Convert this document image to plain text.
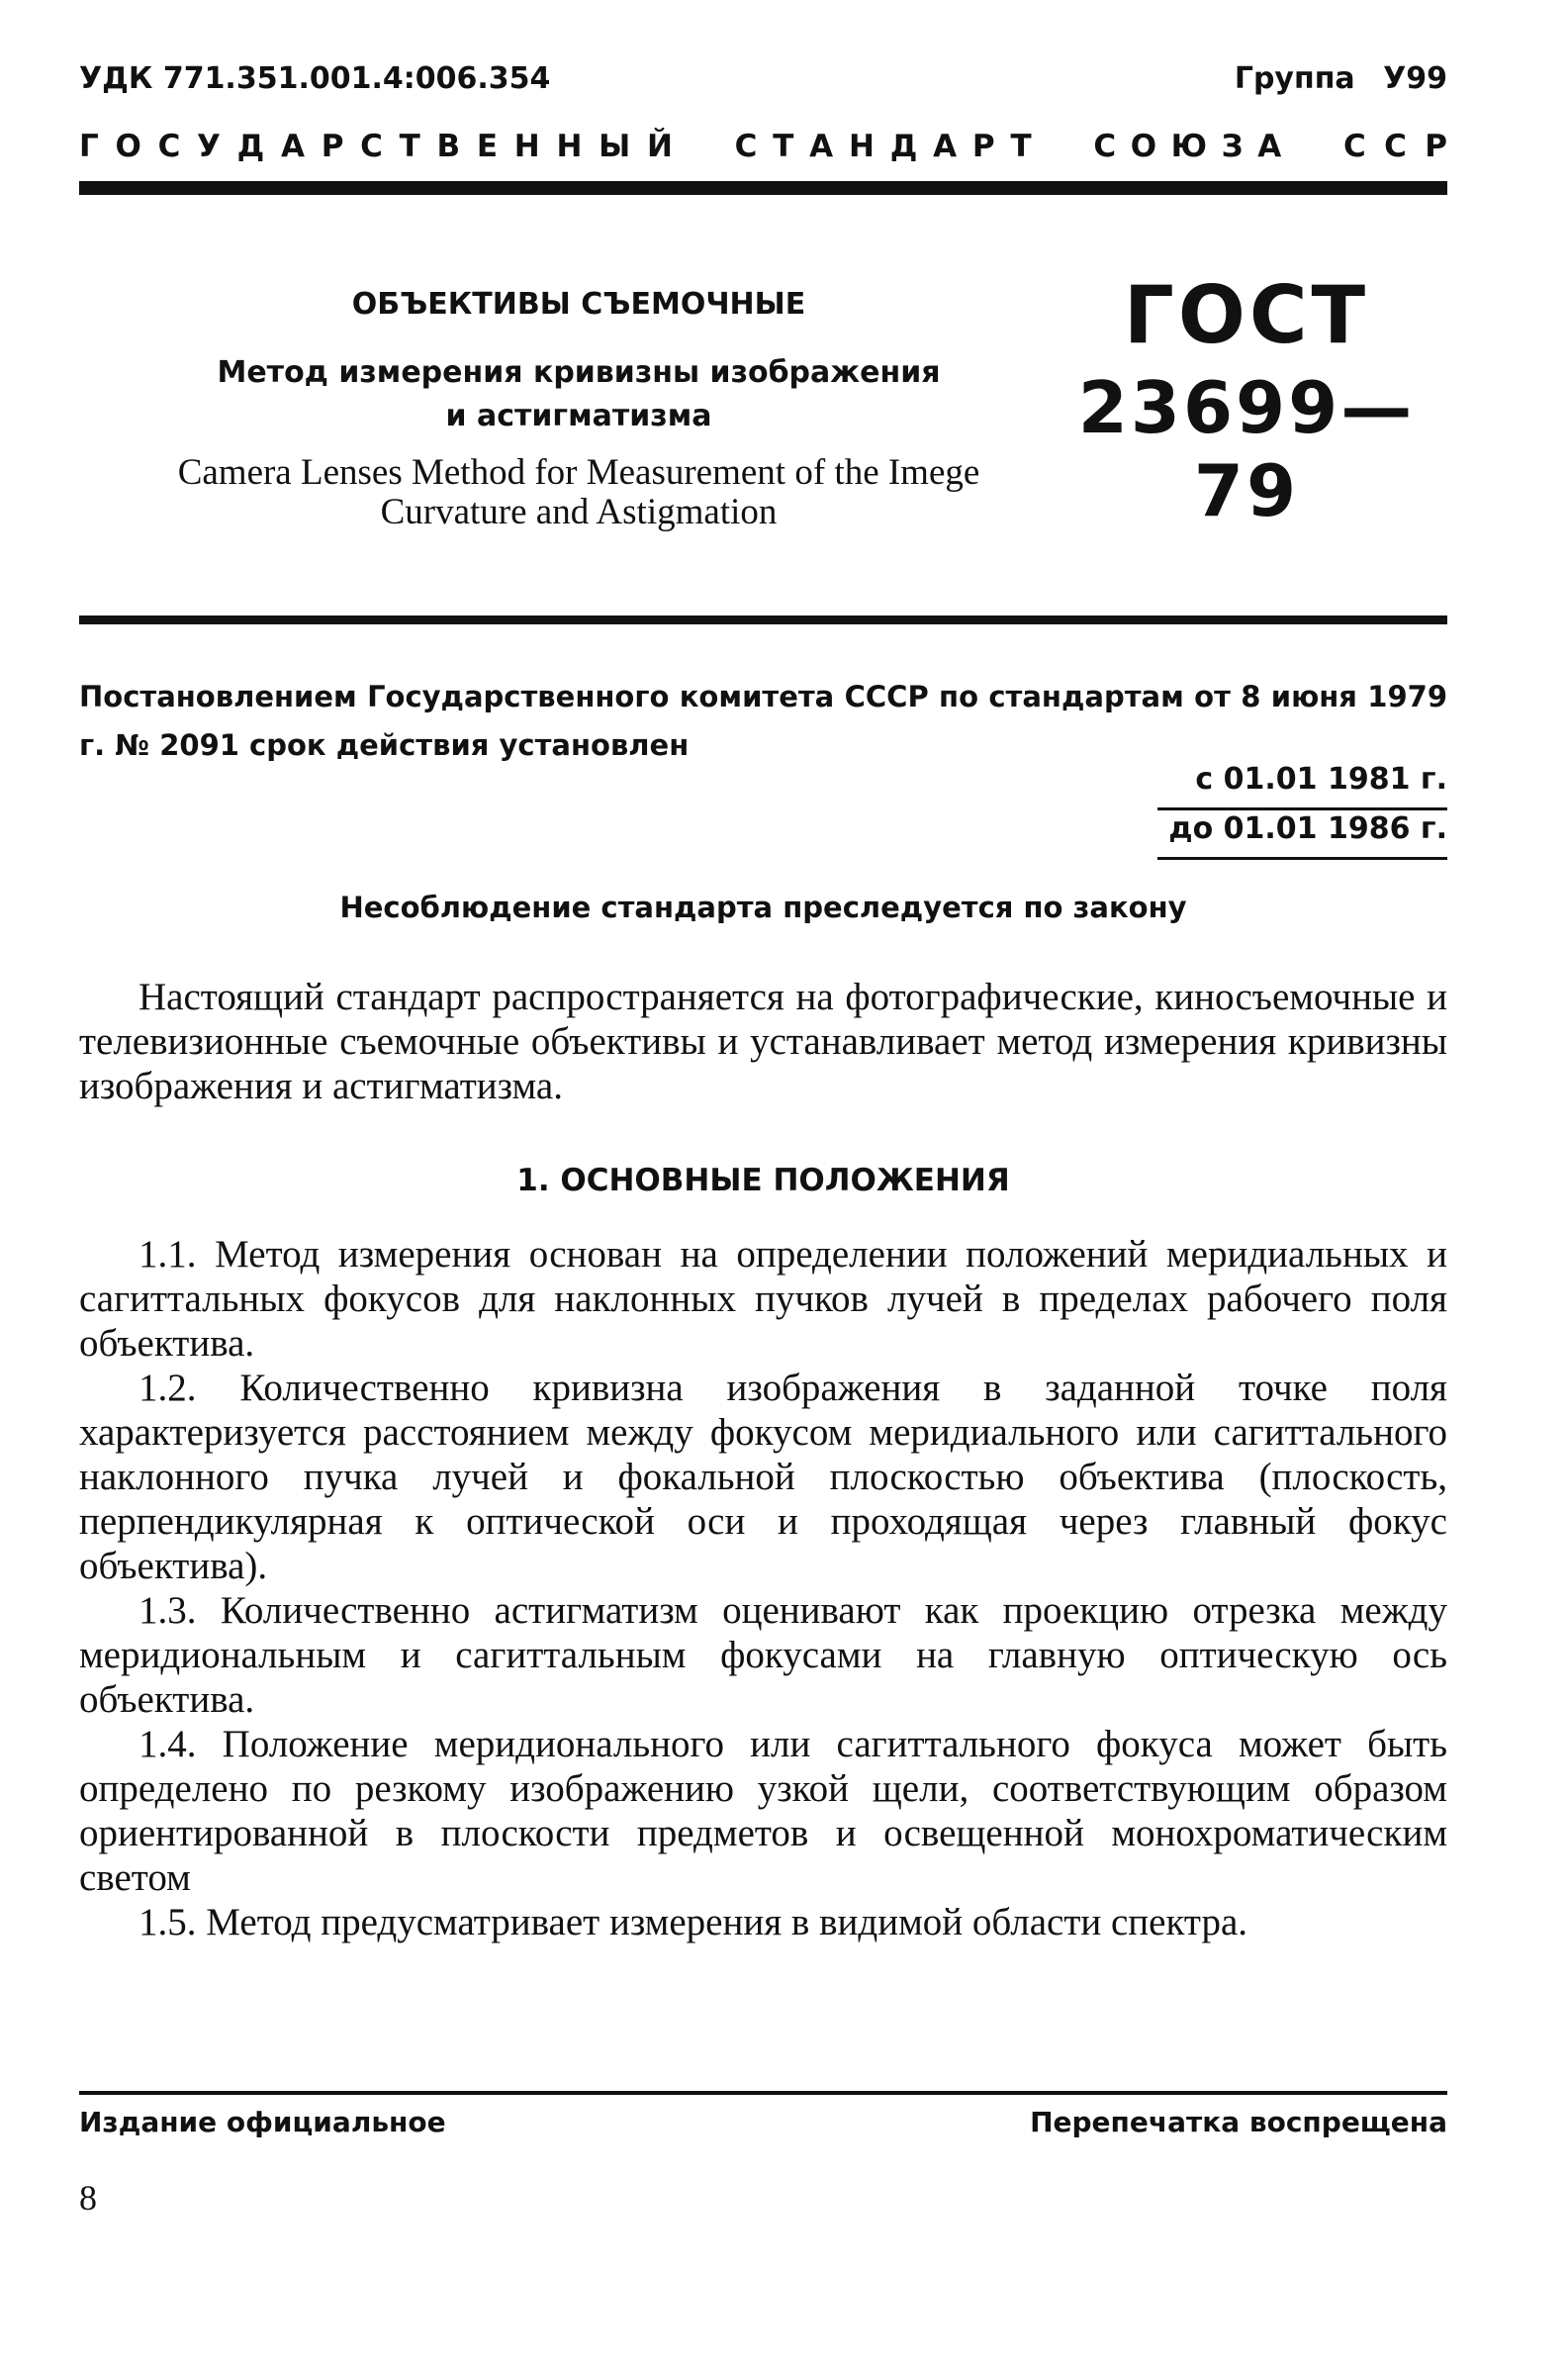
УДК 771.351.001.4:006.354	Группа У99
Г О С У Д А Р С Т В Е Н Н Ы Й С Т А Н Д А Р Т С О Ю З А С С Р
ОБЪЕКТИВЫ СЪЕМОЧНЫЕ
Метод измерения кривизны изображения
и астигматизма
Camera Lenses Method for Measurement of the Imege
Curvature and Astigmation
ГОСТ
23699—79
Постановлением Государственного комитета СССР по стандартам от 8 июня 1979 г. № 2091 срок действия установлен
с 01.01 1981 г.
до 01.01 1986 г.
Несоблюдение стандарта преследуется по закону
Настоящий стандарт распространяется на фотографические, киносъемочные и телевизионные съемочные объективы и устанавливает метод измерения кривизны изображения и астигматизма.
1. ОСНОВНЫЕ ПОЛОЖЕНИЯ

1.1. Метод измерения основан на определении положений меридиальных и сагиттальных фокусов для наклонных пучков лучей в пределах рабочего поля объектива.

1.2. Количественно кривизна изображения в заданной точке поля характеризуется расстоянием между фокусом меридиального или сагиттального наклонного пучка лучей и фокальной плоскостью объектива (плоскость, перпендикулярная к оптической оси и проходящая через главный фокус объектива).

1.3. Количественно астигматизм оценивают как проекцию отрезка между меридиональным и сагиттальным фокусами на главную оптическую ось объектива.

1.4. Положение меридионального или сагиттального фокуса может быть определено по резкому изображению узкой щели, соответствующим образом ориентированной в плоскости предметов и освещенной монохроматическим светом

1.5. Метод предусматривает измерения в видимой области спектра.

Издание официальное	Перепечатка воспрещена
8
